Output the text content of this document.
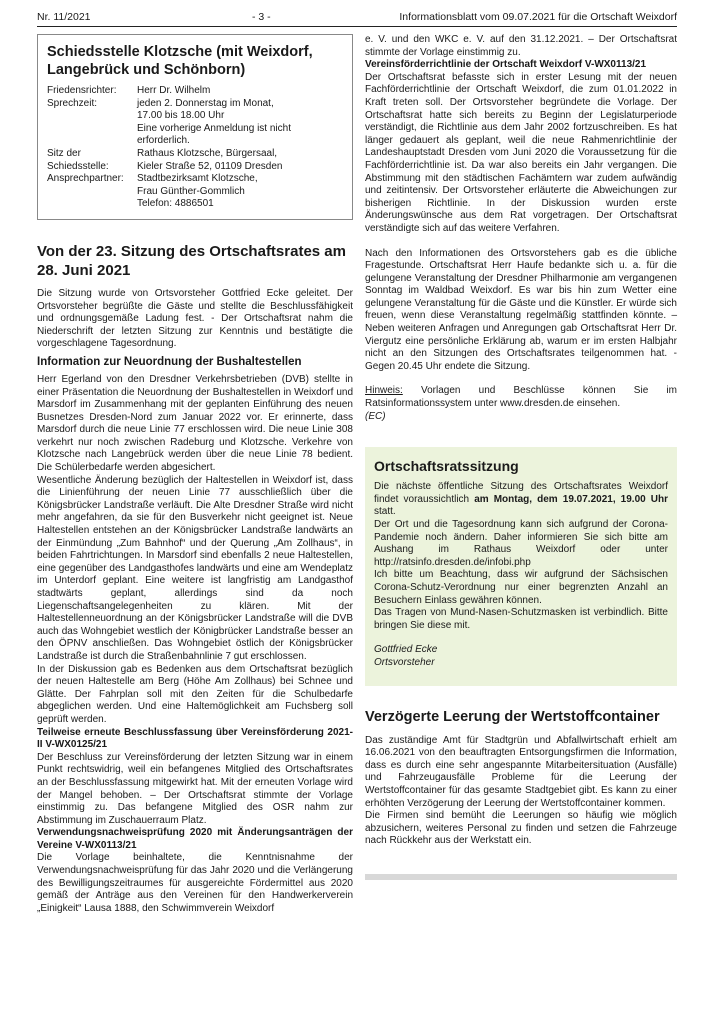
Nr. 11/2021	- 3 -	Informationsblatt vom 09.07.2021 für die Ortschaft Weixdorf
Schiedsstelle Klotzsche (mit Weixdorf, Langebrück und Schönborn)
Friedensrichter:	Herr Dr. Wilhelm
Sprechzeit:	jeden 2. Donnerstag im Monat,
17.00 bis 18.00 Uhr
Eine vorherige Anmeldung ist nicht erforderlich.
Sitz der	Rathaus Klotzsche, Bürgersaal,
Schiedsstelle:	Kieler Straße 52, 01109 Dresden
Ansprechpartner:	Stadtbezirksamt Klotzsche,
Frau Günther-Gommlich
Telefon: 4886501
Von der 23. Sitzung des Ortschaftsrates am 28. Juni 2021

Die Sitzung wurde von Ortsvorsteher Gottfried Ecke geleitet. Der Ortsvorsteher begrüßte die Gäste und stellte die Beschlussfähigkeit und ordnungsgemäße Ladung fest. - Der Ortschaftsrat nahm die Niederschrift der letzten Sitzung zur Kenntnis und bestätigte die vorgeschlagene Tagesordnung.

Information zur Neuordnung der Bushaltestellen

Herr Egerland von den Dresdner Verkehrsbetrieben (DVB) stellte in einer Präsentation die Neuordnung der Bushaltestellen in Weixdorf und Marsdorf im Zusammenhang mit der geplanten Einführung des neuen Busnetzes Dresden-Nord zum Januar 2022 vor. Er erinnerte, dass Marsdorf durch die neue Linie 77 erschlossen wird. Die neue Linie 308 verkehrt nur noch zwischen Radeburg und Klotzsche. Verkehre von Klotzsche nach Langebrück werden über die neue Linie 78 bedient. Die Schülerbedarfe werden abgesichert.

Wesentliche Änderung bezüglich der Haltestellen in Weixdorf ist, dass die Linienführung der neuen Linie 77 ausschließlich über die Königsbrücker Landstraße verläuft. Die Alte Dresdner Straße wird nicht mehr angefahren, da sie für den Busverkehr nicht geeignet ist. Neue Haltestellen entstehen an der Königsbrücker Landstraße landwärts an der Einmündung „Zum Bahnhof“ und der Querung „Am Zollhaus“, in beiden Fahrtrichtungen. In Marsdorf sind ebenfalls 2 neue Haltestellen, eine gegenüber des Landgasthofes landwärts und eine am Wendeplatz im Unterdorf geplant. Eine weitere ist langfristig am Landgasthof stadtwärts geplant, allerdings sind da noch Liegenschaftsangelegenheiten zu klären. Mit der Haltestellenneuordnung an der Königsbrücker Landstraße will die DVB auch das Wohngebiet westlich der Königbrücker Landstraße besser an den ÖPNV anschließen. Das Wohngebiet östlich der Königsbrücker Landstraße ist durch die Straßenbahnlinie 7 gut erschlossen.

In der Diskussion gab es Bedenken aus dem Ortschaftsrat bezüglich der neuen Haltestelle am Berg (Höhe Am Zollhaus) bei Schnee und Glätte. Der Fahrplan soll mit den Zeiten für die Schulbedarfe abgeglichen werden. Und eine Haltemöglichkeit am Fuchsberg soll geprüft werden.

Teilweise erneute Beschlussfassung über Vereinsförderung 2021-II V-WX0125/21

Der Beschluss zur Vereinsförderung der letzten Sitzung war in einem Punkt rechtswidrig, weil ein befangenes Mitglied des Ortschaftsrates an der Beschlussfassung mitgewirkt hat. Mit der erneuten Vorlage wird der Mangel behoben. – Der Ortschaftsrat stimmte der Vorlage einstimmig zu. Das befangene Mitglied des OSR nahm zur Abstimmung im Zuschauerraum Platz.

Verwendungsnachweisprüfung 2020 mit Änderungsanträgen der Vereine V-WX0113/21

Die Vorlage beinhaltete, die Kenntnisnahme der Verwendungsnachweisprüfung für das Jahr 2020 und die Verlängerung des Bewilligungszeitraumes für ausgereichte Fördermittel aus 2020 gemäß der Anträge aus den Vereinen für den Handwerkerverein „Einigkeit“ Lausa 1888, den Schwimmverein Weixdorf

e. V. und den WKC e. V. auf den 31.12.2021. – Der Ortschaftsrat stimmte der Vorlage einstimmig zu.

Vereinsförderrichtlinie der Ortschaft Weixdorf V-WX0113/21

Der Ortschaftsrat befasste sich in erster Lesung mit der neuen Fachförderrichtlinie der Ortschaft Weixdorf, die zum 01.01.2022 in Kraft treten soll. Der Ortsvorsteher begründete die Vorlage. Der Ortschaftsrat hatte sich bereits zu Beginn der Legislaturperiode verständigt, die Richtlinie aus dem Jahr 2002 fortzuschreiben. Es hat länger gedauert als geplant, weil die neue Rahmenrichtlinie der Landeshauptstadt Dresden vom Juni 2020 die Voraussetzung für die Fachförderrichtlinie ist. Da war also bereits ein Jahr vergangen. Die Abstimmung mit den städtischen Fachämtern war zudem aufwändig und zeitintensiv. Der Ortsvorsteher erläuterte die Abweichungen zur bisherigen Richtlinie. In der Diskussion wurden erste Änderungswünsche aus dem Rat vorgetragen. Der Ortschaftsrat verständigte sich auf das weitere Verfahren.

Nach den Informationen des Ortsvorstehers gab es die übliche Fragestunde. Ortschaftsrat Herr Haufe bedankte sich u. a. für die gelungene Veranstaltung der Dresdner Philharmonie am vergangenen Sonntag im Waldbad Weixdorf. Es war bis hin zum Wetter eine gelungene Veranstaltung für die Gäste und die Künstler. Er würde sich freuen, wenn diese Veranstaltung regelmäßig stattfinden könnte. – Neben weiteren Anfragen und Anregungen gab Ortschaftsrat Herr Dr. Viergutz eine persönliche Erklärung ab, warum er im ersten Halbjahr nicht an den Sitzungen des Ortschaftsrates teilgenommen hat. - Gegen 20.45 Uhr endete die Sitzung.

Hinweis: Vorlagen und Beschlüsse können Sie im Ratsinformationssystem unter www.dresden.de einsehen.

(EC)

Ortschaftsratssitzung

Die nächste öffentliche Sitzung des Ortschaftsrates Weixdorf findet voraussichtlich am Montag, dem 19.07.2021, 19.00 Uhr statt.

Der Ort und die Tagesordnung kann sich aufgrund der Corona-Pandemie noch ändern. Daher informieren Sie sich bitte am Aushang im Rathaus Weixdorf oder unter http://ratsinfo.dresden.de/infobi.php

Ich bitte um Beachtung, dass wir aufgrund der Sächsischen Corona-Schutz-Verordnung nur einer begrenzten Anzahl an Besuchern Einlass gewähren können.

Das Tragen von Mund-Nasen-Schutzmasken ist verbindlich. Bitte bringen Sie diese mit.

Gottfried Ecke

Ortsvorsteher

Verzögerte Leerung der Wertstoffcontainer

Das zuständige Amt für Stadtgrün und Abfallwirtschaft erhielt am 16.06.2021 von den beauftragten Entsorgungsfirmen die Information, dass es durch eine sehr angespannte Mitarbeitersituation (Ausfälle) und Fahrzeugausfälle Probleme für die Leerung der Wertstoffcontainer für das gesamte Stadtgebiet gibt. Es kann zu einer erhöhten Verzögerung der Leerung der Wertstoffcontainer kommen.

Die Firmen sind bemüht die Leerungen so häufig wie möglich abzusichern, weiteres Personal zu finden und setzen die Fahrzeuge nach Rückkehr aus der Werkstatt ein.
